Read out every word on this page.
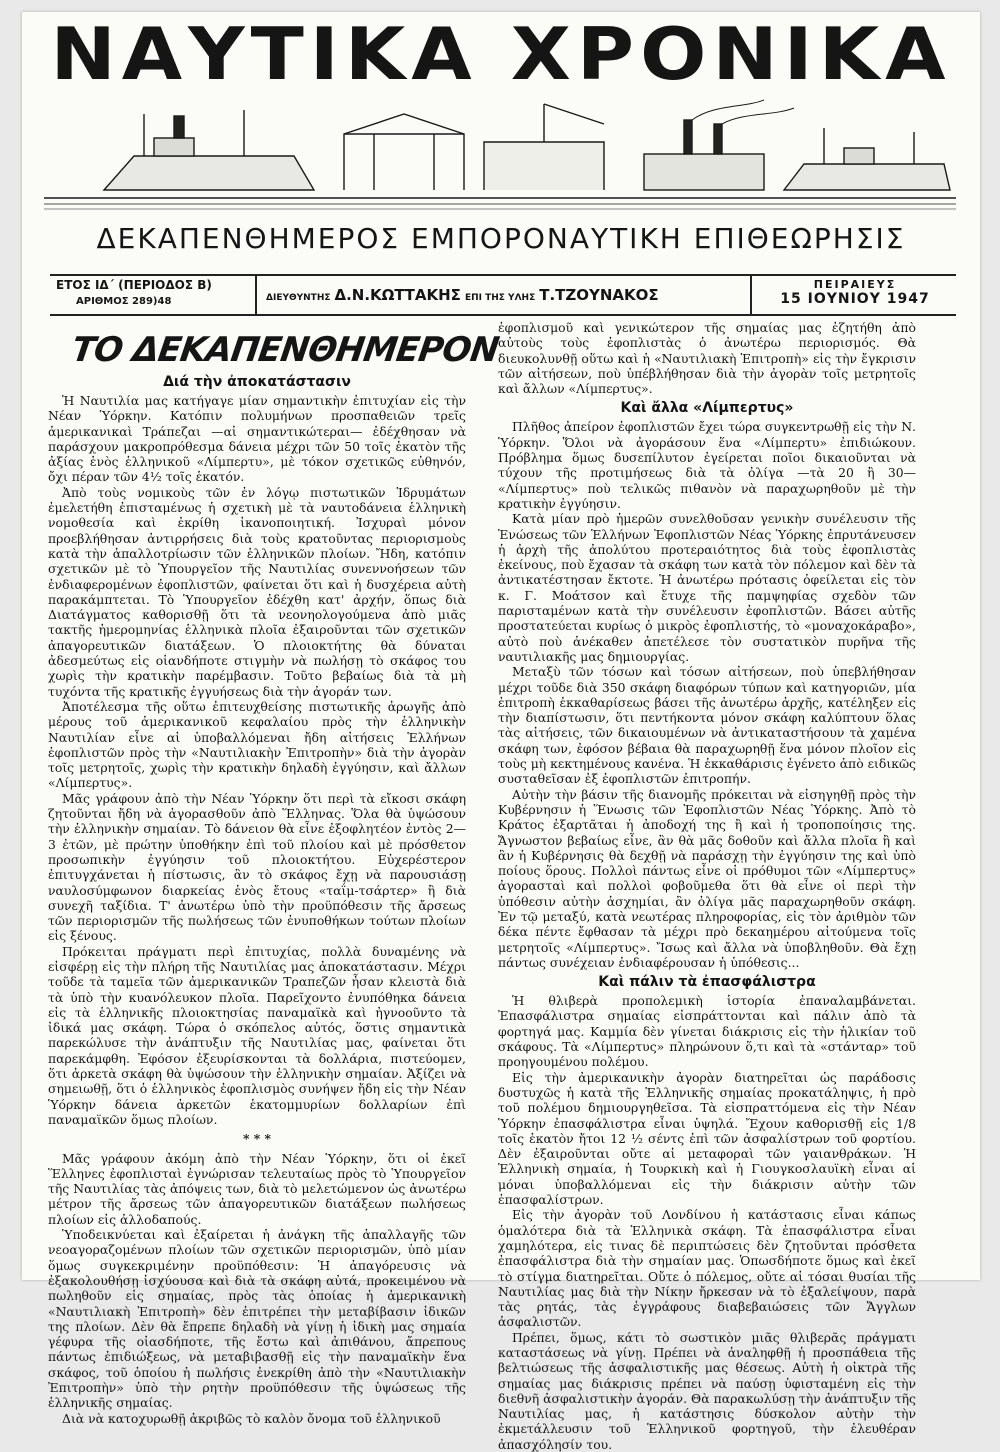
ΝΑΥΤΙΚΑ ΧΡΟΝΙΚΑ
ΔΕΚΑΠΕΝΘΗΜΕΡΟΣ ΕΜΠΟΡΟΝΑΥΤΙΚΗ ΕΠΙΘΕΩΡΗΣΙΣ
ΕΤΟΣ ΙΔ΄ (ΠΕΡΙΟΔΟΣ Β)
ΑΡΙΘΜΟΣ 289)48	ΔΙΕΥΘΥΝΤΗΣ Δ.Ν.ΚΩΤΤΑΚΗΣ ΕΠΙ ΤΗΣ ΥΛΗΣ Τ.ΤΖΟΥΝΑΚΟΣ
ΠΕΙΡΑΙΕΥΣ
15 ΙΟΥΝΙΟΥ 1947
ΤΟ ΔΕΚΑΠΕΝΘΗΜΕΡΟΝ
Διά τὴν ἀποκατάστασιν

Ἡ Ναυτιλία μας κατήγαγε μίαν σημαντικὴν ἐπιτυχίαν εἰς τὴν Νέαν Ὑόρκην. Κατόπιν πολυμήνων προσπαθειῶν τρεῖς ἀμερικανικαὶ Τράπεζαι —αἱ σημαντικώτεραι— ἐδέχθησαν νὰ παράσχουν μακροπρόθεσμα δάνεια μέχρι τῶν 50 τοῖς ἑκατὸν τῆς ἀξίας ἑνὸς ἑλληνικοῦ «Λίμπερτυ», μὲ τόκον σχετικῶς εὐθηνόν, ὄχι πέραν τῶν 4½ τοῖς ἑκατόν.

Ἀπὸ τοὺς νομικοὺς τῶν ἐν λόγῳ πιστωτικῶν Ἱδρυμάτων ἐμελετήθη ἐπισταμένως ἡ σχετικὴ μὲ τὰ ναυτοδάνεια ἑλληνικὴ νομοθεσία καὶ ἐκρίθη ἱκανοποιητική. Ἰσχυραὶ μόνον προεβλήθησαν ἀντιρρήσεις διὰ τοὺς κρατοῦντας περιορισμοὺς κατὰ τὴν ἀπαλλοτρίωσιν τῶν ἑλληνικῶν πλοίων. Ἤδη, κατόπιν σχετικῶν μὲ τὸ Ὑπουργεῖον τῆς Ναυτιλίας συνεννοήσεων τῶν ἐνδιαφερομένων ἐφοπλιστῶν, φαίνεται ὅτι καὶ ἡ δυσχέρεια αὐτὴ παρακάμπτεται. Τὸ Ὑπουργεῖον ἐδέχθη κατ' ἀρχήν, ὅπως διὰ Διατάγματος καθορισθῇ ὅτι τὰ νεονηολογούμενα ἀπὸ μιᾶς τακτῆς ἡμερομηνίας ἑλληνικὰ πλοῖα ἐξαιροῦνται τῶν σχετικῶν ἀπαγορευτικῶν διατάξεων. Ὁ πλοιοκτήτης θὰ δύναται ἀδεσμεύτως εἰς οἱανδήποτε στιγμὴν νὰ πωλήσῃ τὸ σκάφος του χωρὶς τὴν κρατικὴν παρέμβασιν. Τοῦτο βεβαίως διὰ τὰ μὴ τυχόντα τῆς κρατικῆς ἐγγυήσεως διὰ τὴν ἀγοράν των.

Ἀποτέλεσμα τῆς οὕτω ἐπιτευχθείσης πιστωτικῆς ἀρωγῆς ἀπὸ μέρους τοῦ ἀμερικανικοῦ κεφαλαίου πρὸς τὴν ἑλληνικὴν Ναυτιλίαν εἶνε αἱ ὑποβαλλόμεναι ἤδη αἰτήσεις Ἑλλήνων ἐφοπλιστῶν πρὸς τὴν «Ναυτιλιακὴν Ἐπιτροπὴν» διὰ τὴν ἀγορὰν τοῖς μετρητοῖς, χωρὶς τὴν κρατικὴν δηλαδὴ ἐγγύησιν, καὶ ἄλλων «Λίμπερτυς».

Μᾶς γράφουν ἀπὸ τὴν Νέαν Ὑόρκην ὅτι περὶ τὰ εἴκοσι σκάφη ζητοῦνται ἤδη νὰ ἀγορασθοῦν ἀπὸ Ἕλληνας. Ὅλα θὰ ὑψώσουν τὴν ἑλληνικὴν σημαίαν. Τὸ δάνειον θὰ εἶνε ἐξοφλητέον ἐντὸς 2—3 ἐτῶν, μὲ πρώτην ὑποθήκην ἐπὶ τοῦ πλοίου καὶ μὲ πρόσθετον προσωπικὴν ἐγγύησιν τοῦ πλοιοκτήτου. Εὐχερέστερον ἐπιτυγχάνεται ἡ πίστωσις, ἂν τὸ σκάφος ἔχῃ νὰ παρουσιάσῃ ναυλοσύμφωνον διαρκείας ἑνὸς ἔτους «ταΐμ-τσάρτερ» ἢ διὰ συνεχῆ ταξίδια. Τ' ἀνωτέρω ὑπὸ τὴν προϋπόθεσιν τῆς ἄρσεως τῶν περιορισμῶν τῆς πωλήσεως τῶν ἐνυποθήκων τούτων πλοίων εἰς ξένους.

Πρόκειται πράγματι περὶ ἐπιτυχίας, πολλὰ δυναμένης νὰ εἰσφέρῃ εἰς τὴν πλήρη τῆς Ναυτιλίας μας ἀποκατάστασιν. Μέχρι τοῦδε τὰ ταμεῖα τῶν ἀμερικανικῶν Τραπεζῶν ἦσαν κλειστὰ διὰ τὰ ὑπὸ τὴν κυανόλευκον πλοῖα. Παρεῖχοντο ἐνυπόθηκα δάνεια εἰς τὰ ἑλληνικῆς πλοιοκτησίας παναμαϊκὰ καὶ ἠγνοοῦντο τὰ ἰδικά μας σκάφη. Τώρα ὁ σκόπελος αὐτός, ὅστις σημαντικὰ παρεκώλυσε τὴν ἀνάπτυξιν τῆς Ναυτιλίας μας, φαίνεται ὅτι παρεκάμφθη. Ἐφόσον ἐξευρίσκονται τὰ δολλάρια, πιστεύομεν, ὅτι ἀρκετὰ σκάφη θὰ ὑψώσουν τὴν ἑλληνικὴν σημαίαν. Ἀξίζει νὰ σημειωθῇ, ὅτι ὁ ἑλληνικὸς ἐφοπλισμὸς συνήψεν ἤδη εἰς τὴν Νέαν Ὑόρκην δάνεια ἀρκετῶν ἑκατομμυρίων δολλαρίων ἐπὶ παναμαϊκῶν ὅμως πλοίων.

* * *

Μᾶς γράφουν ἀκόμη ἀπὸ τὴν Νέαν Ὑόρκην, ὅτι οἱ ἐκεῖ Ἕλληνες ἐφοπλισταὶ ἐγνώρισαν τελευταίως πρὸς τὸ Ὑπουργεῖον τῆς Ναυτιλίας τὰς ἀπόψεις των, διὰ τὸ μελετώμενον ὡς ἀνωτέρω μέτρον τῆς ἄρσεως τῶν ἀπαγορευτικῶν διατάξεων πωλήσεως πλοίων εἰς ἀλλοδαπούς.

Ὑποδεικνύεται καὶ ἐξαίρεται ἡ ἀνάγκη τῆς ἀπαλλαγῆς τῶν νεοαγοραζομένων πλοίων τῶν σχετικῶν περιορισμῶν, ὑπὸ μίαν ὅμως συγκεκριμένην προϋπόθεσιν: Ἡ ἀπαγόρευσις νὰ ἐξακολουθήσῃ ἰσχύουσα καὶ διὰ τὰ σκάφη αὐτά, προκειμένου νὰ πωληθοῦν εἰς σημαίας, πρὸς τὰς ὁποίας ἡ ἀμερικανικὴ «Ναυτιλιακὴ Ἐπιτροπὴ» δὲν ἐπιτρέπει τὴν μεταβίβασιν ἰδικῶν της πλοίων. Δὲν θὰ ἔπρεπε δηλαδὴ νὰ γίνῃ ἡ ἰδικὴ μας σημαία γέφυρα τῆς οἱασδήποτε, τῆς ἔστω καὶ ἀπιθάνου, ἄπρεπους πάντως ἐπιδιώξεως, νὰ μεταβιβασθῇ εἰς τὴν παναμαϊκὴν ἕνα σκάφος, τοῦ ὁποίου ἡ πωλήσις ἐνεκρίθη ἀπὸ τὴν «Ναυτιλιακὴν Ἐπιτροπὴν» ὑπὸ τὴν ρητὴν προϋπόθεσιν τῆς ὑψώσεως τῆς ἑλληνικῆς σημαίας.

Διὰ νὰ κατοχυρωθῇ ἀκριβῶς τὸ καλὸν ὄνομα τοῦ ἑλληνικοῦ

ἐφοπλισμοῦ καὶ γενικώτερον τῆς σημαίας μας ἐζητήθη ἀπὸ αὐτοὺς τοὺς ἐφοπλιστὰς ὁ ἀνωτέρω περιορισμός. Θὰ διευκολυνθῇ οὕτω καὶ ἡ «Ναυτιλιακὴ Ἐπιτροπὴ» εἰς τὴν ἔγκρισιν τῶν αἰτήσεων, ποὺ ὑπέβλήθησαν διὰ τὴν ἀγορὰν τοῖς μετρητοῖς καὶ ἄλλων «Λίμπερτυς».

Καὶ ἄλλα «Λίμπερτυς»

Πλῆθος ἀπείρον ἐφοπλιστῶν ἔχει τώρα συγκεντρωθῇ εἰς τὴν Ν. Ὑόρκην. Ὅλοι νὰ ἀγοράσουν ἕνα «Λίμπερτυ» ἐπιδιώκουν. Πρόβλημα ὅμως δυσεπίλυτον ἐγείρεται ποῖοι δικαιοῦνται νὰ τύχουν τῆς προτιμήσεως διὰ τὰ ὀλίγα —τὰ 20 ἢ 30— «Λίμπερτυς» ποὺ τελικῶς πιθανὸν νὰ παραχωρηθοῦν μὲ τὴν κρατικὴν ἐγγύησιν.

Κατὰ μίαν πρὸ ἡμερῶν συνελθοῦσαν γενικὴν συνέλευσιν τῆς Ἑνώσεως τῶν Ἑλλήνων Ἐφοπλιστῶν Νέας Ὑόρκης ἐπρυτάνευσεν ἡ ἀρχὴ τῆς ἀπολύτου προτεραιότητος διὰ τοὺς ἐφοπλιστὰς ἐκείνους, ποὺ ἔχασαν τὰ σκάφη των κατὰ τὸν πόλεμον καὶ δὲν τὰ ἀντικατέστησαν ἔκτοτε. Ἡ ἀνωτέρω πρότασις ὀφείλεται εἰς τὸν κ. Γ. Μοάτσον καὶ ἔτυχε τῆς παμψηφίας σχεδὸν τῶν παρισταμένων κατὰ τὴν συνέλευσιν ἐφοπλιστῶν. Βάσει αὐτῆς προστατεύεται κυρίως ὁ μικρὸς ἐφοπλιστής, τὸ «μοναχοκάραβο», αὐτὸ ποὺ ἀνέκαθεν ἀπετέλεσε τὸν συστατικὸν πυρῆνα τῆς ναυτιλιακῆς μας δημιουργίας.

Μεταξὺ τῶν τόσων καὶ τόσων αἰτήσεων, ποὺ ὑπεβλήθησαν μέχρι τοῦδε διὰ 350 σκάφη διαφόρων τύπων καὶ κατηγοριῶν, μία ἐπιτροπὴ ἐκκαθαρίσεως βάσει τῆς ἀνωτέρω ἀρχῆς, κατέληξεν εἰς τὴν διαπίστωσιν, ὅτι πεντήκοντα μόνον σκάφη καλύπτουν ὅλας τὰς αἰτήσεις, τῶν δικαιουμένων νὰ ἀντικαταστήσουν τὰ χαμένα σκάφη των, ἐφόσον βέβαια θὰ παραχωρηθῇ ἕνα μόνον πλοῖον εἰς τοὺς μὴ κεκτημένους κανένα. Ἡ ἐκκαθάρισις ἐγένετο ἀπὸ ειδικῶς συσταθεῖσαν ἐξ ἐφοπλιστῶν ἐπιτροπήν.

Αὐτὴν τὴν βάσιν τῆς διανομῆς πρόκειται νὰ εἰσηγηθῇ πρὸς τὴν Κυβέρνησιν ἡ Ἕνωσις τῶν Ἐφοπλιστῶν Νέας Ὑόρκης. Ἀπὸ τὸ Κράτος ἐξαρτᾶται ἡ ἀποδοχή της ἢ καὶ ἡ τροποποίησις της. Ἄγνωστον βεβαίως εἶνε, ἂν θὰ μᾶς δοθοῦν καὶ ἄλλα πλοῖα ἢ καὶ ἂν ἡ Κυβέρνησις θὰ δεχθῇ νὰ παράσχῃ τὴν ἐγγύησιν της καὶ ὑπὸ ποίους ὅρους. Πολλοὶ πάντως εἶνε οἱ πρόθυμοι τῶν «Λίμπερτυς» ἀγορασταὶ καὶ πολλοὶ φοβοῦμεθα ὅτι θὰ εἶνε οἱ περὶ τὴν ὑπόθεσιν αὐτὴν ἀσχημίαι, ἂν ὀλίγα μᾶς παραχωρηθοῦν σκάφη. Ἐν τῷ μεταξύ, κατὰ νεωτέρας πληροφορίας, εἰς τὸν ἀριθμὸν τῶν δέκα πέντε ἔφθασαν τὰ μέχρι πρὸ δεκαημέρου αἰτούμενα τοῖς μετρητοῖς «Λίμπερτυς». Ἴσως καὶ ἄλλα νὰ ὑποβληθοῦν. Θὰ ἔχῃ πάντως συνέχειαν ἐνδιαφέρουσαν ἡ ὑπόθεσις...

Καὶ πάλιν τὰ ἐπασφάλιστρα

Ἡ θλιβερὰ προπολεμικὴ ἱστορία ἐπαναλαμβάνεται. Ἐπασφάλιστρα σημαίας εἰσπράττονται καὶ πάλιν ἀπὸ τὰ φορτηγά μας. Καμμία δὲν γίνεται διάκρισις εἰς τὴν ἡλικίαν τοῦ σκάφους. Τὰ «Λίμπερτυς» πληρώνουν ὅ,τι καὶ τὰ «στάνταρ» τοῦ προηγουμένου πολέμου.

Εἰς τὴν ἀμερικανικὴν ἀγορὰν διατηρεῖται ὡς παράδοσις δυστυχῶς ἡ κατὰ τῆς Ἑλληνικῆς σημαίας προκατάληψις, ἡ πρὸ τοῦ πολέμου δημιουργηθεῖσα. Τὰ εἰσπραττόμενα εἰς τὴν Νέαν Ὑόρκην ἐπασφάλιστρα εἶναι ὑψηλά. Ἔχουν καθορισθῇ εἰς 1/8 τοῖς ἑκατὸν ἤτοι 12 ½ σέντς ἐπὶ τῶν ἀσφαλίστρων τοῦ φορτίου. Δὲν ἐξαιροῦνται οὔτε αἱ μεταφοραὶ τῶν γαιανθράκων. Ἡ Ἑλληνικὴ σημαία, ἡ Τουρκικὴ καὶ ἡ Γιουγκοσλαυϊκὴ εἶναι αἱ μόναι ὑποβαλλόμεναι εἰς τὴν διάκρισιν αὐτὴν τῶν ἐπασφαλίστρων.

Εἰς τὴν ἀγορὰν τοῦ Λονδίνου ἡ κατάστασις εἶναι κάπως ὁμαλότερα διὰ τὰ Ἑλληνικὰ σκάφη. Τὰ ἐπασφάλιστρα εἶναι χαμηλότερα, εἰς τινας δὲ περιπτώσεις δὲν ζητοῦνται πρόσθετα ἐπασφάλιστρα διὰ τὴν σημαίαν μας. Ὁπωσδήποτε ὅμως καὶ ἐκεῖ τὸ στίγμα διατηρεῖται. Οὔτε ὁ πόλεμος, οὔτε αἱ τόσαι θυσίαι τῆς Ναυτιλίας μας διὰ τὴν Νίκην ἤρκεσαν νὰ τὸ ἐξαλείψουν, παρὰ τὰς ρητάς, τὰς ἐγγράφους διαβεβαιώσεις τῶν Ἄγγλων ἀσφαλιστῶν.

Πρέπει, ὅμως, κάτι τὸ σωστικὸν μιᾶς θλιβερᾶς πράγματι καταστάσεως νὰ γίνῃ. Πρέπει νὰ ἀναληφθῇ ἡ προσπάθεια τῆς βελτιώσεως τῆς ἀσφαλιστικῆς μας θέσεως. Αὐτὴ ἡ οἰκτρὰ τῆς σημαίας μας διάκρισις πρέπει νὰ παύσῃ ὑφισταμένη εἰς τὴν διεθνῆ ἀσφαλιστικὴν ἀγοράν. Θὰ παρακωλύσῃ τὴν ἀνάπτυξιν τῆς Ναυτιλίας μας, ἡ κατάστησις δύσκολον αὐτὴν τὴν ἐκμετάλλευσιν τοῦ Ἑλληνικοῦ φορτηγοῦ, τὴν ἐλευθέραν ἀπασχόλησίν του.
